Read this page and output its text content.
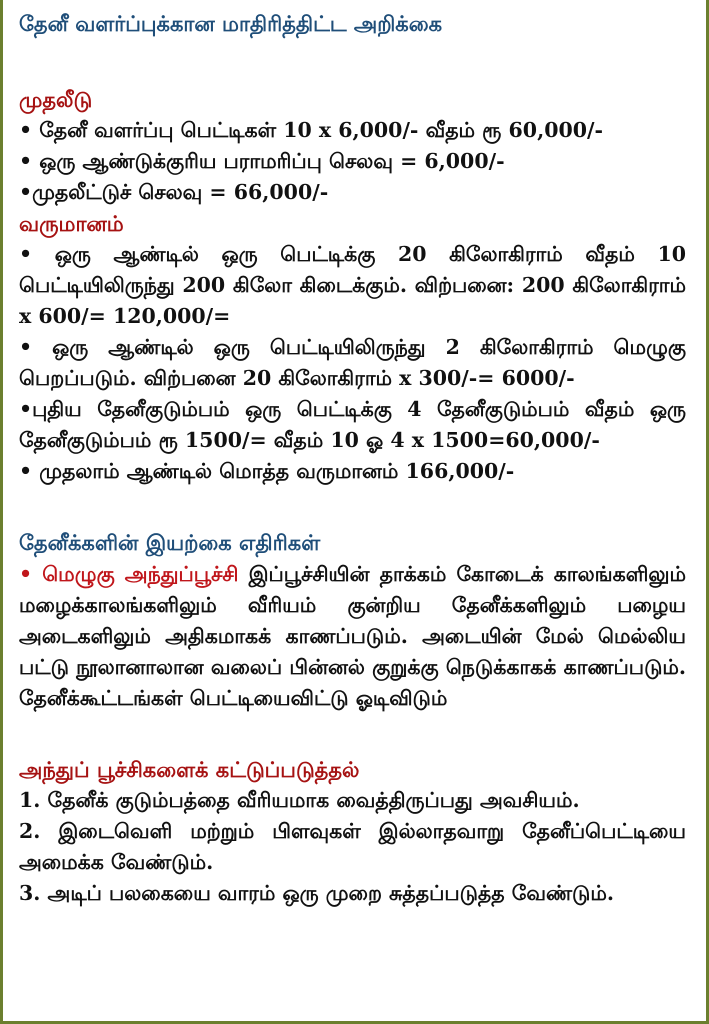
தேனீ வளர்ப்புக்கான மாதிரித்திட்ட அறிக்கை
முதலீடு

• தேனீ வளர்ப்பு பெட்டிகள் 10 x 6,000/- வீதம் ரூ 60,000/-

• ஒரு ஆண்டுக்குரிய பராமரிப்பு செலவு = 6,000/-

•முதலீட்டுச் செலவு = 66,000/-

வருமானம்

• ஒரு ஆண்டில் ஒரு பெட்டிக்கு 20 கிலோகிராம் வீதம் 10 பெட்டியிலிருந்து 200 கிலோ கிடைக்கும். விற்பனை: 200 கிலோகிராம் x 600/= 120,000/=

• ஒரு ஆண்டில் ஒரு பெட்டியிலிருந்து 2 கிலோகிராம் மெழுகு பெறப்படும். விற்பனை 20 கிலோகிராம் x 300/-= 6000/-

•புதிய தேனீகுடும்பம் ஒரு பெட்டிக்கு 4 தேனீகுடும்பம் வீதம் ஒரு தேனீகுடும்பம் ரூ 1500/= வீதம் 10 ஓ 4 x 1500=60,000/-

• முதலாம் ஆண்டில் மொத்த வருமானம் 166,000/-

தேனீக்களின் இயற்கை எதிரிகள்

• மெழுகு அந்துப்பூச்சி இப்பூச்சியின் தாக்கம் கோடைக் காலங்களிலும் மழைக்காலங்களிலும் வீரியம் குன்றிய தேனீக்களிலும் பழைய அடைகளிலும் அதிகமாகக் காணப்படும். அடையின் மேல் மெல்லிய பட்டு நூலானாலான வலைப் பின்னல் குறுக்கு நெடுக்காகக் காணப்படும். தேனீக்கூட்டங்கள் பெட்டியைவிட்டு ஓடிவிடும்

அந்துப் பூச்சிகளைக் கட்டுப்படுத்தல்

1. தேனீக் குடும்பத்தை வீரியமாக வைத்திருப்பது அவசியம்.

2. இடைவெளி மற்றும் பிளவுகள் இல்லாதவாறு தேனீப்பெட்டியை அமைக்க வேண்டும்.

3. அடிப் பலகையை வாரம் ஒரு முறை சுத்தப்படுத்த வேண்டும்.
